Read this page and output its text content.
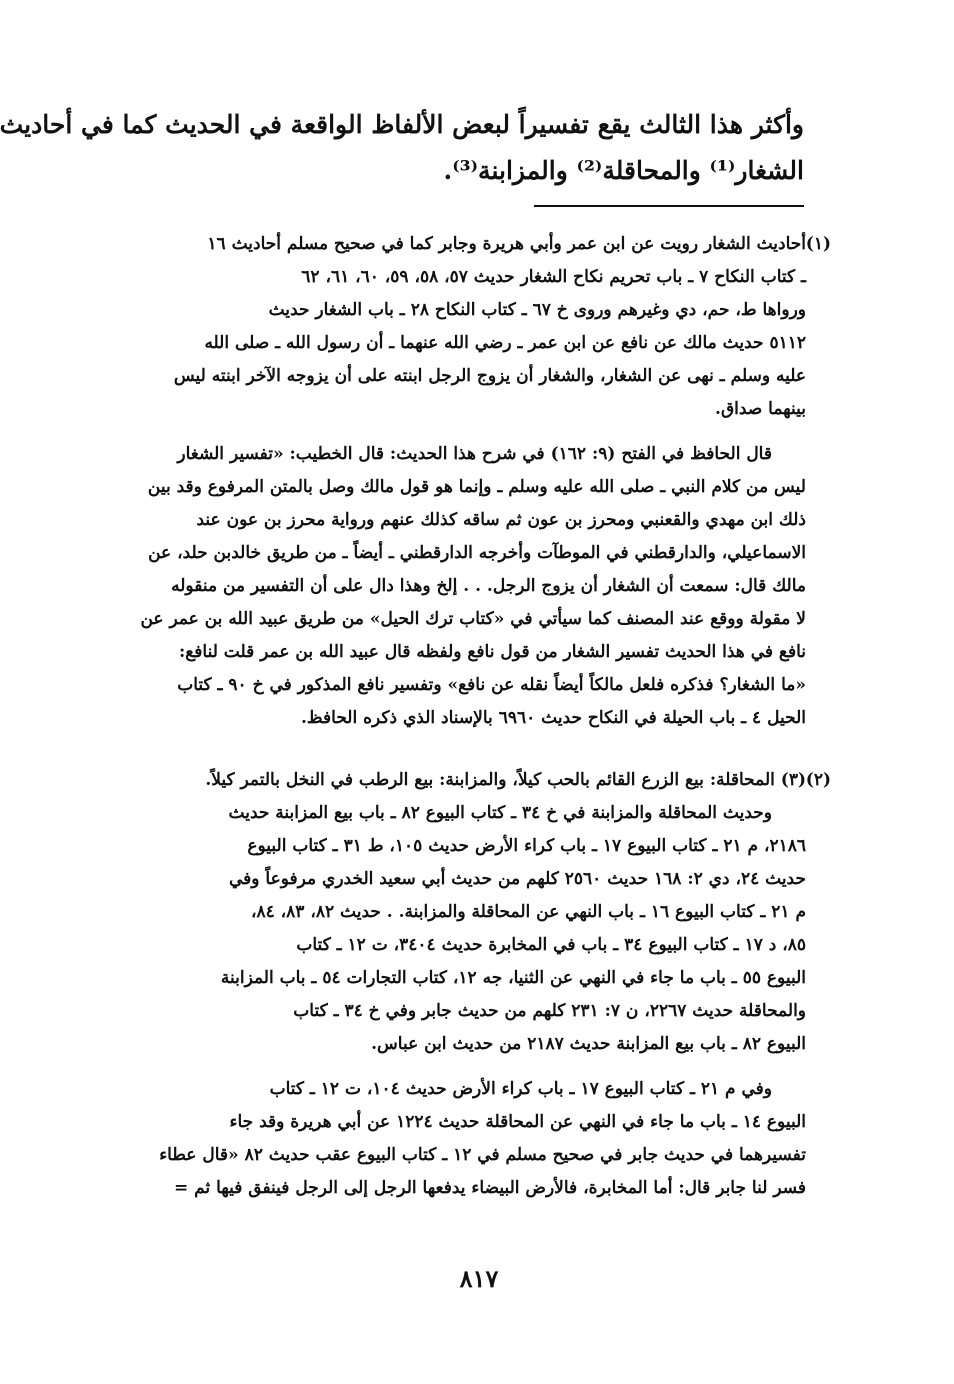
وأكثر هذا الثالث يقع تفسيراً لبعض الألفاظ الواقعة في الحديث كما في أحاديث
الشغار⁽¹⁾ والمحاقلة⁽²⁾ والمزابنة⁽³⁾.
(١)
أحاديث الشغار رويت عن ابن عمر وأبي هريرة وجابر كما في صحيح مسلم أحاديث ١٦
ـ كتاب النكاح ٧ ـ باب تحريم نكاح الشغار حديث ٥٧، ٥٨، ٥٩، ٦٠، ٦١، ٦٢
ورواها ط، حم، دي وغيرهم وروى خ ٦٧ ـ كتاب النكاح ٢٨ ـ باب الشغار حديث
٥١١٢ حديث مالك عن نافع عن ابن عمر ـ رضي الله عنهما ـ أن رسول الله ـ صلى الله
عليه وسلم ـ نهى عن الشغار، والشغار أن يزوج الرجل ابنته على أن يزوجه الآخر ابنته ليس
بينهما صداق.
قال الحافظ في الفتح (٩: ١٦٢) في شرح هذا الحديث: قال الخطيب: «تفسير الشغار
ليس من كلام النبي ـ صلى الله عليه وسلم ـ وإنما هو قول مالك وصل بالمتن المرفوع وقد بين
ذلك ابن مهدي والقعنبي ومحرز بن عون ثم ساقه كذلك عنهم ورواية محرز بن عون عند
الاسماعيلي، والدارقطني في الموطآت وأخرجه الدارقطني ـ أيضاً ـ من طريق خالدبن حلد، عن
مالك قال: سمعت أن الشغار أن يزوج الرجل. . . إلخ وهذا دال على أن التفسير من منقوله
لا مقولة ووقع عند المصنف كما سيأتي في «كتاب ترك الحيل» من طريق عبيد الله بن عمر عن
نافع في هذا الحديث تفسير الشغار من قول نافع ولفظه قال عبيد الله بن عمر قلت لنافع:
«ما الشغار؟ فذكره فلعل مالكاً أيضاً نقله عن نافع» وتفسير نافع المذكور في خ ٩٠ ـ كتاب
الحيل ٤ ـ باب الحيلة في النكاح حديث ٦٩٦٠ بالإسناد الذي ذكره الحافظ.
(٢)
(٣) المحاقلة: بيع الزرع القائم بالحب كيلاً، والمزابنة: بيع الرطب في النخل بالتمر كيلاً.
وحديث المحاقلة والمزابنة في خ ٣٤ ـ كتاب البيوع ٨٢ ـ باب بيع المزابنة حديث
٢١٨٦، م ٢١ ـ كتاب البيوع ١٧ ـ باب كراء الأرض حديث ١٠٥، ط ٣١ ـ كتاب البيوع
حديث ٢٤، دي ٢: ١٦٨ حديث ٢٥٦٠ كلهم من حديث أبي سعيد الخدري مرفوعاً وفي
م ٢١ ـ كتاب البيوع ١٦ ـ باب النهي عن المحاقلة والمزابنة. . حديث ٨٢، ٨٣، ٨٤،
٨٥، د ١٧ ـ كتاب البيوع ٣٤ ـ باب في المخابرة حديث ٣٤٠٤، ت ١٢ ـ كتاب
البيوع ٥٥ ـ باب ما جاء في النهي عن الثنيا، جه ١٢، كتاب التجارات ٥٤ ـ باب المزابنة
والمحاقلة حديث ٢٢٦٧، ن ٧: ٢٣١ كلهم من حديث جابر وفي خ ٣٤ ـ كتاب
البيوع ٨٢ ـ باب بيع المزابنة حديث ٢١٨٧ من حديث ابن عباس.
وفي م ٢١ ـ كتاب البيوع ١٧ ـ باب كراء الأرض حديث ١٠٤، ت ١٢ ـ كتاب
البيوع ١٤ ـ باب ما جاء في النهي عن المحاقلة حديث ١٢٢٤ عن أبي هريرة وقد جاء
تفسيرهما في حديث جابر في صحيح مسلم في ١٢ ـ كتاب البيوع عقب حديث ٨٢ «قال عطاء
فسر لنا جابر قال: أما المخابرة، فالأرض البيضاء يدفعها الرجل إلى الرجل فينفق فيها ثم =
٨١٧
